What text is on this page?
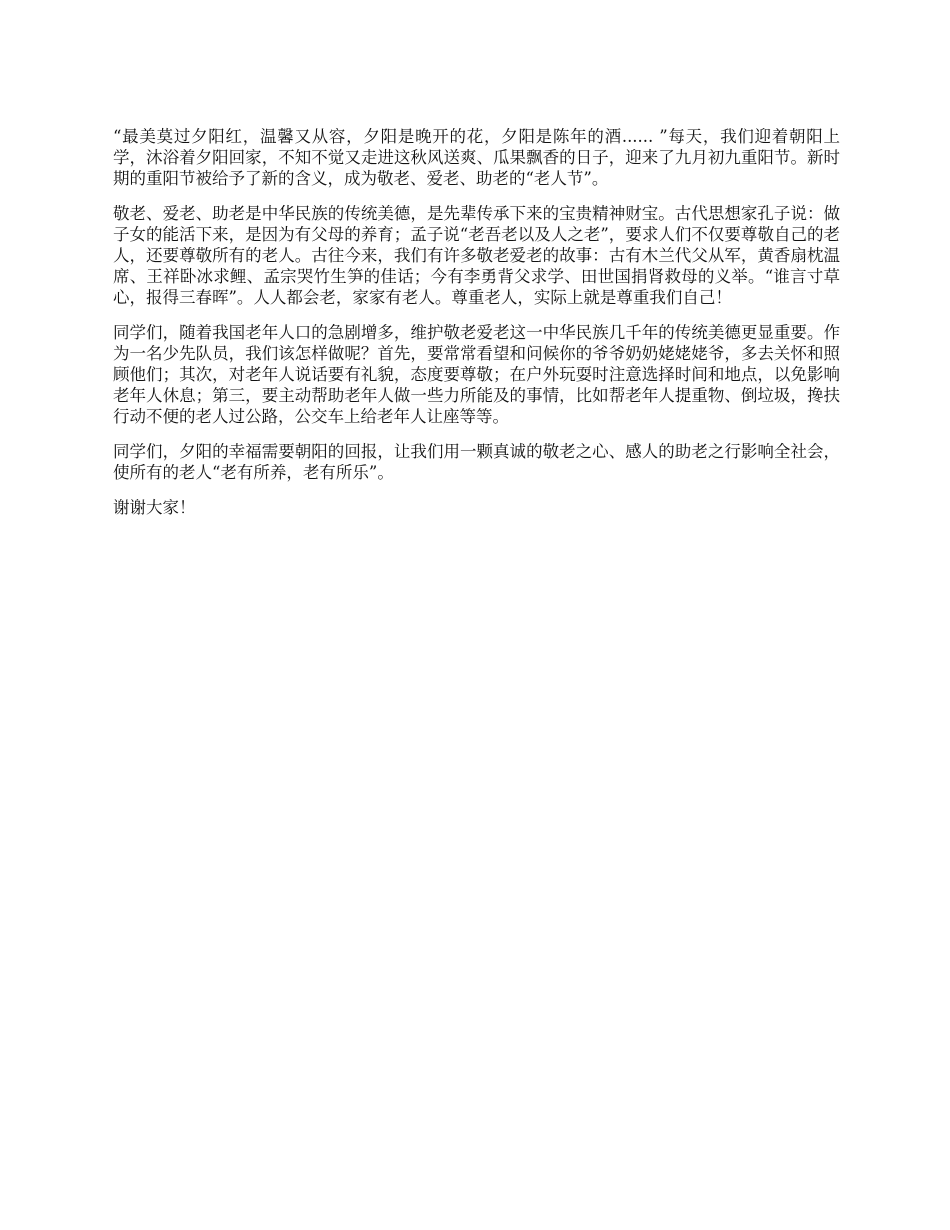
“最美莫过夕阳红，温馨又从容，夕阳是晚开的花，夕阳是陈年的酒...... ”每天，我们迎着朝阳上学，沐浴着夕阳回家，不知不觉又走进这秋风送爽、瓜果飘香的日子，迎来了九月初九重阳节。新时期的重阳节被给予了新的含义，成为敬老、爱老、助老的“老人节”。

敬老、爱老、助老是中华民族的传统美德，是先辈传承下来的宝贵精神财宝。古代思想家孔子说：做子女的能活下来，是因为有父母的养育；孟子说“老吾老以及人之老”，要求人们不仅要尊敬自己的老人，还要尊敬所有的老人。古往今来，我们有许多敬老爱老的故事：古有木兰代父从军，黄香扇枕温席、王祥卧冰求鲤、孟宗哭竹生笋的佳话；今有李勇背父求学、田世国捐肾救母的义举。“谁言寸草心，报得三春晖”。人人都会老，家家有老人。尊重老人，实际上就是尊重我们自己！

同学们，随着我国老年人口的急剧增多，维护敬老爱老这一中华民族几千年的传统美德更显重要。作为一名少先队员，我们该怎样做呢？首先，要常常看望和问候你的爷爷奶奶姥姥姥爷，多去关怀和照顾他们；其次，对老年人说话要有礼貌，态度要尊敬；在户外玩耍时注意选择时间和地点，以免影响老年人休息；第三，要主动帮助老年人做一些力所能及的事情，比如帮老年人提重物、倒垃圾，搀扶行动不便的老人过公路，公交车上给老年人让座等等。

同学们，夕阳的幸福需要朝阳的回报，让我们用一颗真诚的敬老之心、感人的助老之行影响全社会，使所有的老人“老有所养，老有所乐”。

谢谢大家！
